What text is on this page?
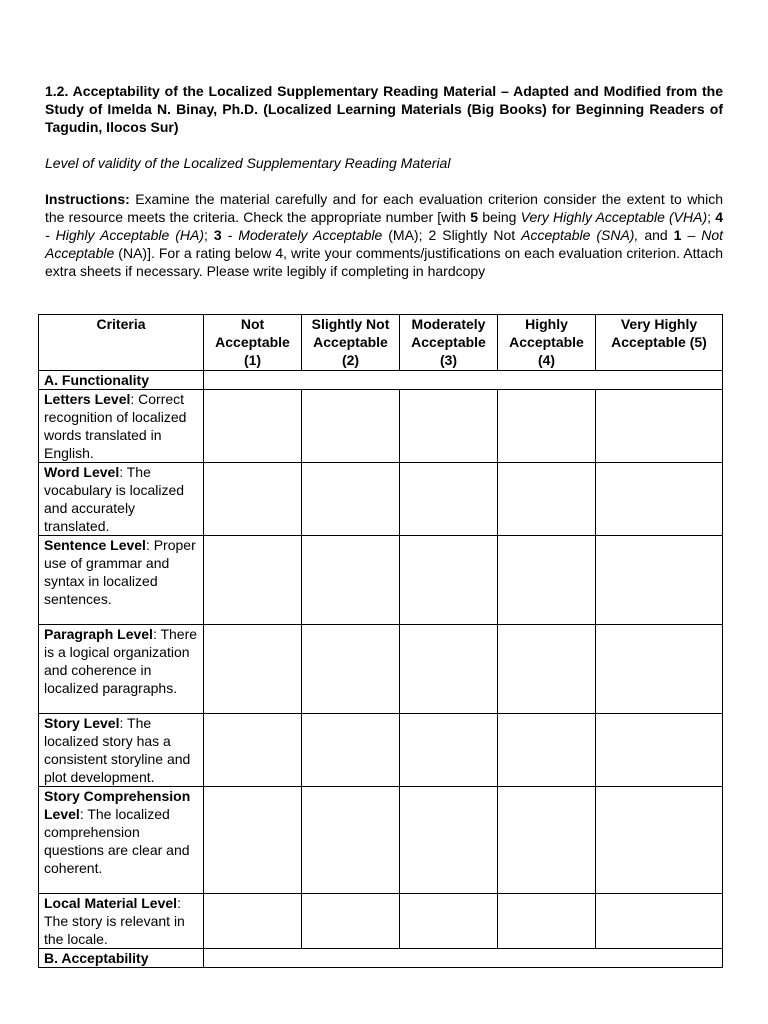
1.2. Acceptability of the Localized Supplementary Reading Material – Adapted and Modified from the Study of Imelda N. Binay, Ph.D. (Localized Learning Materials (Big Books) for Beginning Readers of Tagudin, Ilocos Sur)

Level of validity of the Localized Supplementary Reading Material

Instructions: Examine the material carefully and for each evaluation criterion consider the extent to which the resource meets the criteria. Check the appropriate number [with 5 being Very Highly Acceptable (VHA); 4 - Highly Acceptable (HA); 3 - Moderately Acceptable (MA); 2 Slightly Not Acceptable (SNA), and 1 – Not Acceptable (NA)]. For a rating below 4, write your comments/justifications on each evaluation criterion. Attach extra sheets if necessary. Please write legibly if completing in hardcopy

Criteria	Not Acceptable (1)	Slightly Not Acceptable (2)	Moderately Acceptable (3)	Highly Acceptable (4)	Very Highly Acceptable (5)
A. Functionality					
Letters Level: Correct recognition of localized words translated in English.					
Word Level: The vocabulary is localized and accurately translated.					
Sentence Level: Proper use of grammar and syntax in localized sentences.					
Paragraph Level: There is a logical organization and coherence in localized paragraphs.					
Story Level: The localized story has a consistent storyline and plot development.					
Story Comprehension Level: The localized comprehension questions are clear and coherent.					
Local Material Level: The story is relevant in the locale.					
B. Acceptability					
